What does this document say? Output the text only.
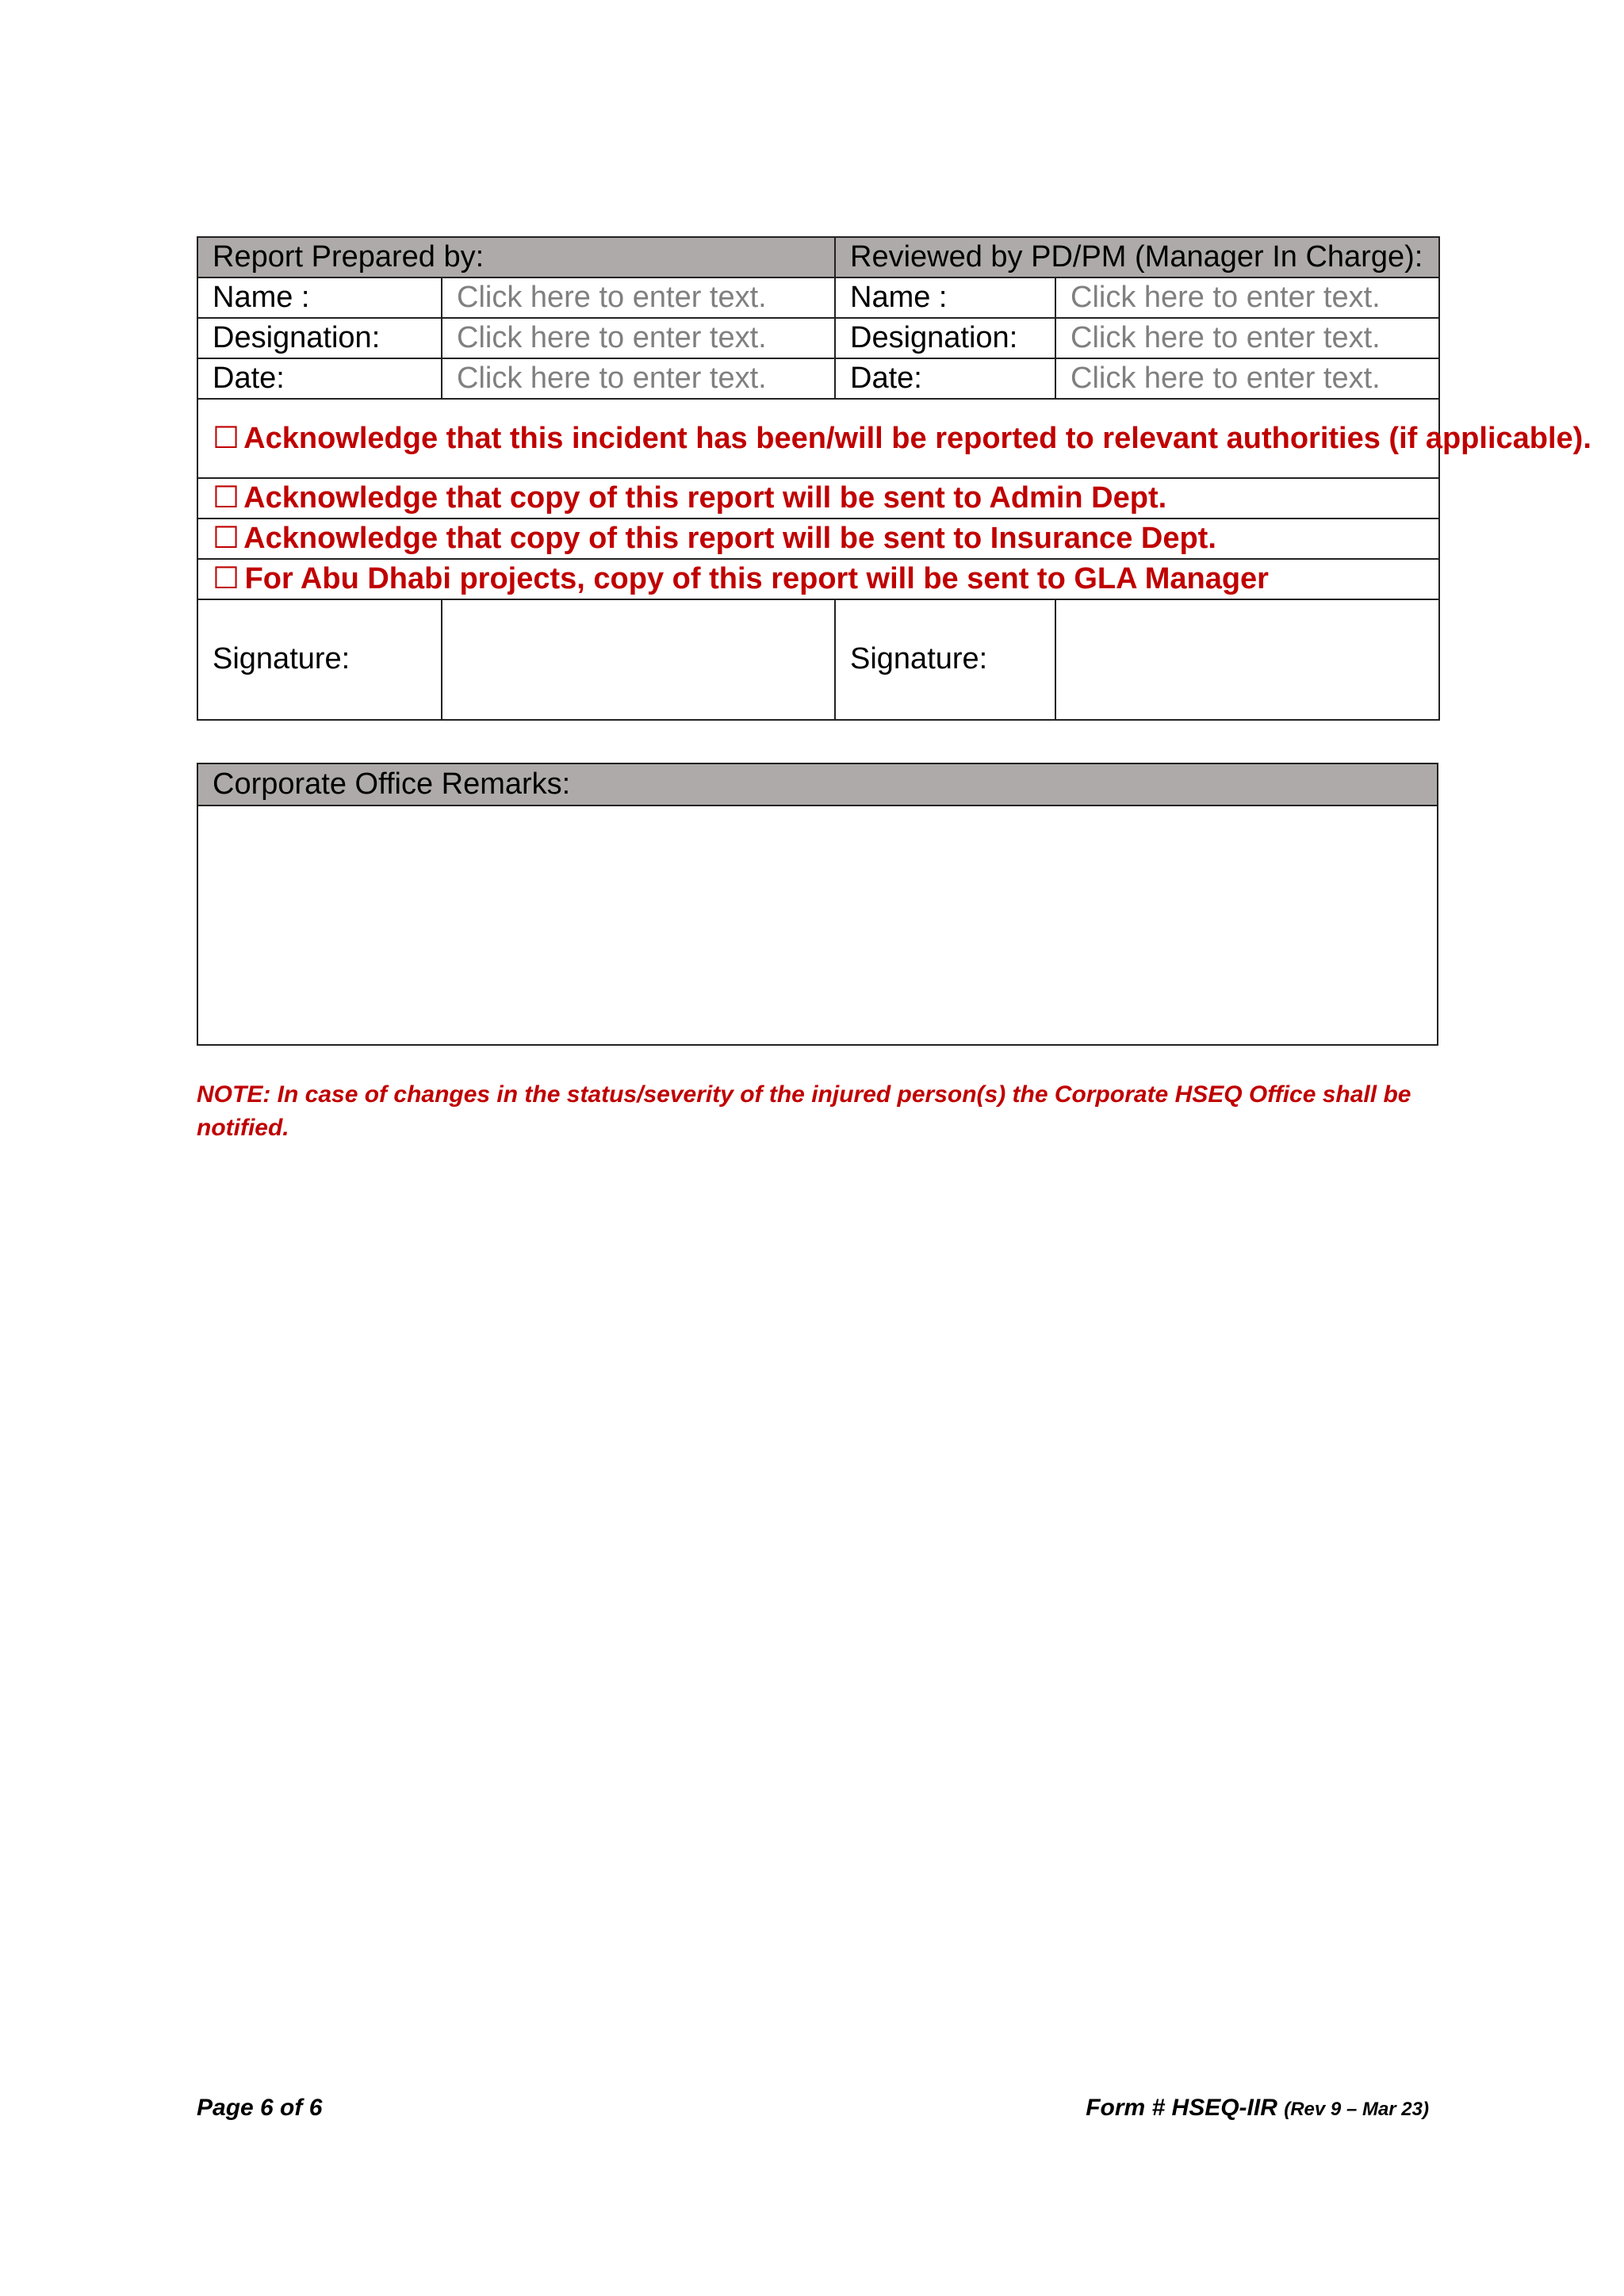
Report Prepared by:		Reviewed by PD/PM (Manager In Charge):	
Name :	Click here to enter text.	Name :	Click here to enter text.
Designation:	Click here to enter text.	Designation:	Click here to enter text.
Date:	Click here to enter text.	Date:	Click here to enter text.
☐ Acknowledge that this incident has been/will be reported to relevant authorities (if applicable).			
☐ Acknowledge that copy of this report will be sent to Admin Dept.			
☐ Acknowledge that copy of this report will be sent to Insurance Dept.			
☐ For Abu Dhabi projects, copy of this report will be sent to GLA Manager			
Signature:		Signature:	
Corporate Office Remarks:

NOTE: In case of changes in the status/severity of the injured person(s) the Corporate HSEQ Office shall be notified.
Page 6 of 6	Form # HSEQ-IIR (Rev 9 – Mar 23)
